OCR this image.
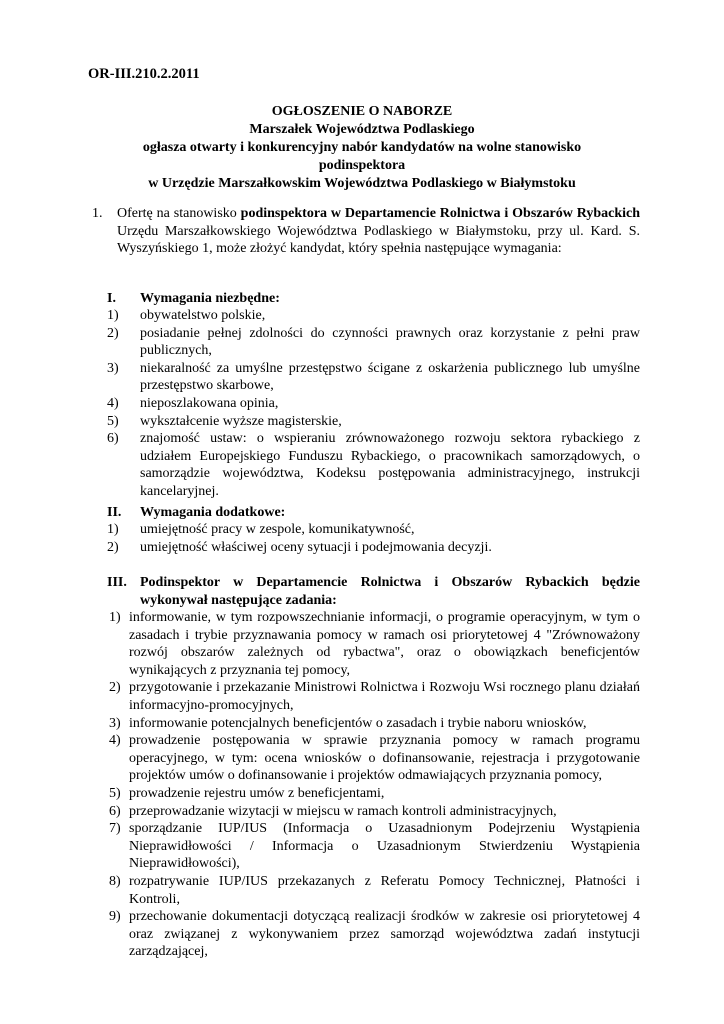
OR-III.210.2.2011
OGŁOSZENIE O NABORZE
Marszałek Województwa Podlaskiego
ogłasza otwarty i konkurencyjny nabór kandydatów na wolne stanowisko
podinspektora
w Urzędzie Marszałkowskim Województwa Podlaskiego w Białymstoku
1. Ofertę na stanowisko podinspektora w Departamencie Rolnictwa i Obszarów Rybackich Urzędu Marszałkowskiego Województwa Podlaskiego w Białymstoku, przy ul. Kard. S. Wyszyńskiego 1, może złożyć kandydat, który spełnia następujące wymagania:
I.	Wymagania niezbędne:
1)	obywatelstwo polskie,
2)	posiadanie pełnej zdolności do czynności prawnych oraz korzystanie z pełni praw publicznych,
3)	niekaralność za umyślne przestępstwo ścigane z oskarżenia publicznego lub umyślne przestępstwo skarbowe,
4)	nieposzlakowana opinia,
5)	wykształcenie wyższe magisterskie,
6)	znajomość ustaw: o wspieraniu zrównoważonego rozwoju sektora rybackiego z udziałem Europejskiego Funduszu Rybackiego, o pracownikach samorządowych, o samorządzie województwa, Kodeksu postępowania administracyjnego, instrukcji kancelaryjnej.
II.	Wymagania dodatkowe:
1)	umiejętność pracy w zespole, komunikatywność,
2)	umiejętność właściwej oceny sytuacji i podejmowania decyzji.
III. Podinspektor w Departamencie Rolnictwa i Obszarów Rybackich będzie wykonywał następujące zadania:
1) informowanie, w tym rozpowszechnianie informacji, o programie operacyjnym, w tym o zasadach i trybie przyznawania pomocy w ramach osi priorytetowej 4 "Zrównoważony rozwój obszarów zależnych od rybactwa", oraz o obowiązkach beneficjentów wynikających z przyznania tej pomocy,
2) przygotowanie i przekazanie Ministrowi Rolnictwa i Rozwoju Wsi rocznego planu działań informacyjno-promocyjnych,
3) informowanie potencjalnych beneficjentów o zasadach i trybie naboru wniosków,
4) prowadzenie postępowania w sprawie przyznania pomocy w ramach programu operacyjnego, w tym: ocena wniosków o dofinansowanie, rejestracja i przygotowanie projektów umów o dofinansowanie i projektów odmawiających przyznania pomocy,
5) prowadzenie rejestru umów z beneficjentami,
6) przeprowadzanie wizytacji w miejscu w ramach kontroli administracyjnych,
7) sporządzanie IUP/IUS (Informacja o Uzasadnionym Podejrzeniu Wystąpienia Nieprawidłowości / Informacja o Uzasadnionym Stwierdzeniu Wystąpienia Nieprawidłowości),
8) rozpatrywanie IUP/IUS przekazanych z Referatu Pomocy Technicznej, Płatności i Kontroli,
9) przechowanie dokumentacji dotyczącą realizacji środków w zakresie osi priorytetowej 4 oraz związanej z wykonywaniem przez samorząd województwa zadań instytucji zarządzającej,
